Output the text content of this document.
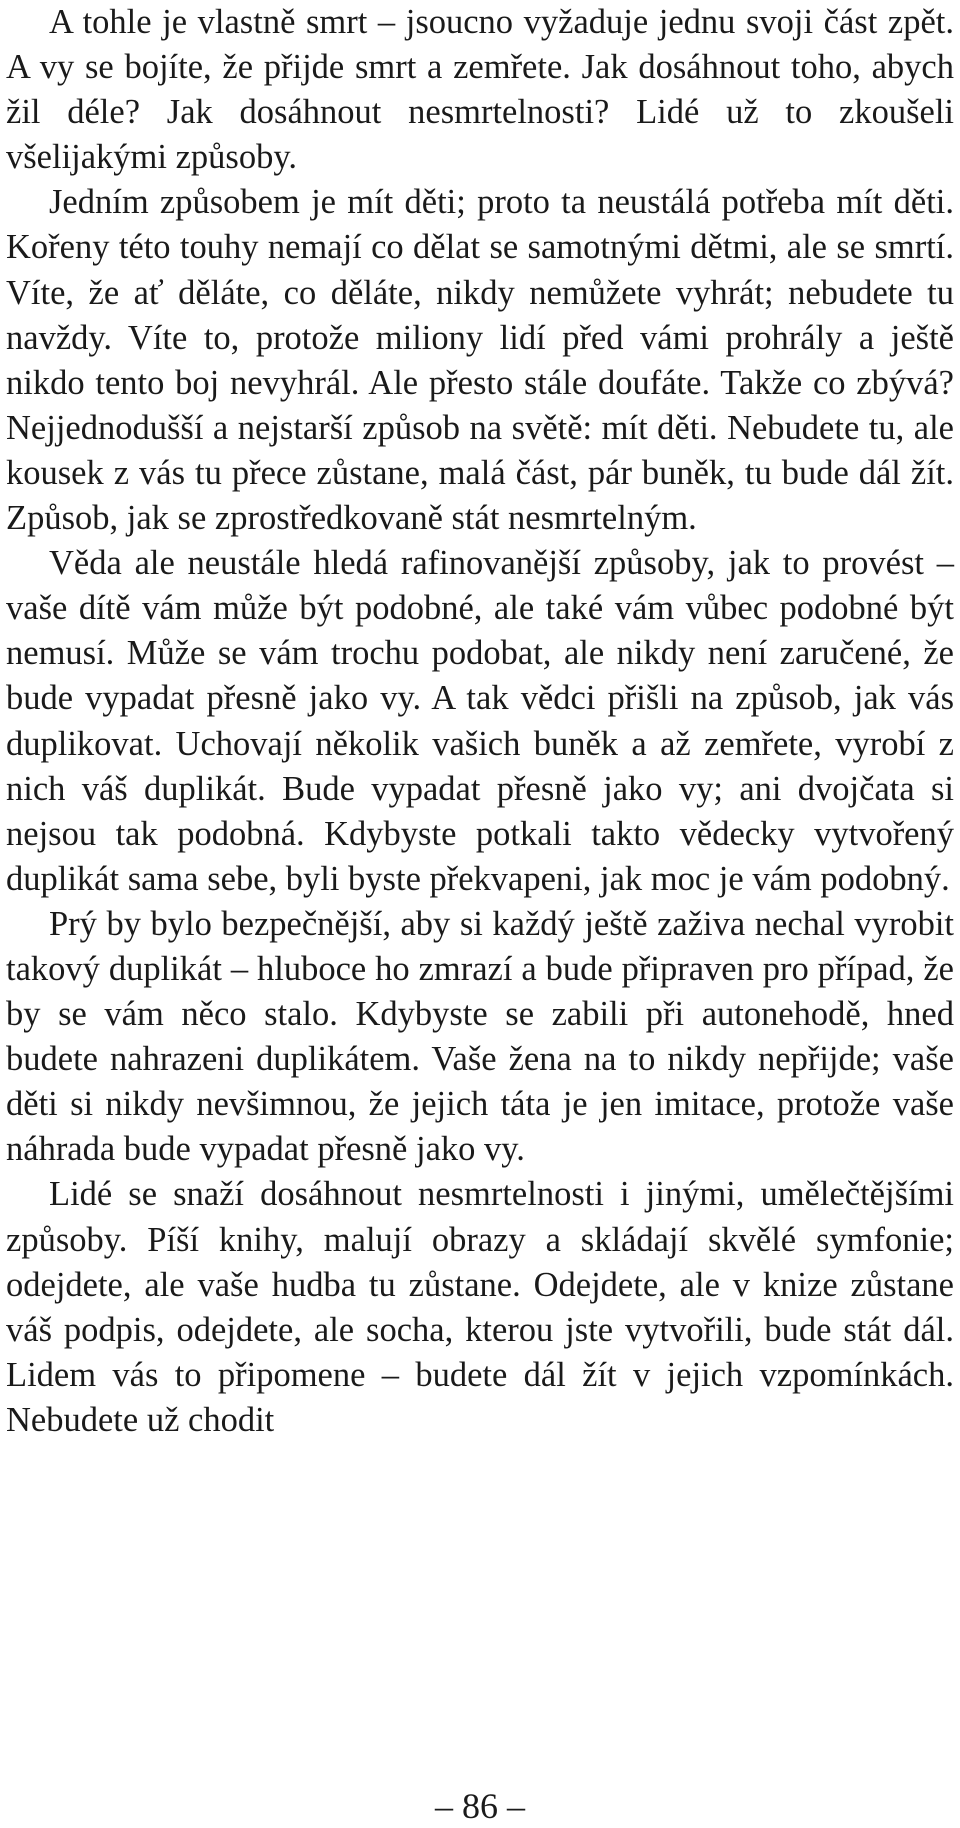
A tohle je vlastně smrt – jsoucno vyžaduje jednu svoji část zpět. A vy se bojíte, že přijde smrt a zemřete. Jak dosáhnout toho, abych žil déle? Jak dosáhnout nesmrtelnosti? Lidé už to zkoušeli všelijakými způsoby.

Jedním způsobem je mít děti; proto ta neustálá potřeba mít děti. Kořeny této touhy nemají co dělat se samotnými dětmi, ale se smrtí. Víte, že ať děláte, co děláte, nikdy nemůžete vyhrát; nebudete tu navždy. Víte to, protože miliony lidí před vámi prohrály a ještě nikdo tento boj nevyhrál. Ale přesto stále doufáte. Takže co zbývá? Nejjednodušší a nejstarší způsob na světě: mít děti. Nebudete tu, ale kousek z vás tu přece zůstane, malá část, pár buněk, tu bude dál žít. Způsob, jak se zprostředkovaně stát nesmrtelným.

Věda ale neustále hledá rafinovanější způsoby, jak to provést – vaše dítě vám může být podobné, ale také vám vůbec podobné být nemusí. Může se vám trochu podobat, ale nikdy není zaručené, že bude vypadat přesně jako vy. A tak vědci přišli na způsob, jak vás duplikovat. Uchovají několik vašich buněk a až zemřete, vyrobí z nich váš duplikát. Bude vypadat přesně jako vy; ani dvojčata si nejsou tak podobná. Kdybyste potkali takto vědecky vytvořený duplikát sama sebe, byli byste překvapeni, jak moc je vám podobný.

Prý by bylo bezpečnější, aby si každý ještě zaživa nechal vyrobit takový duplikát – hluboce ho zmrazí a bude připraven pro případ, že by se vám něco stalo. Kdybyste se zabili při autonehodě, hned budete nahrazeni duplikátem. Vaše žena na to nikdy nepřijde; vaše děti si nikdy nevšimnou, že jejich táta je jen imitace, protože vaše náhrada bude vypadat přesně jako vy.

Lidé se snaží dosáhnout nesmrtelnosti i jinými, umělečtějšími způsoby. Píší knihy, malují obrazy a skládají skvělé symfonie; odejdete, ale vaše hudba tu zůstane. Odejdete, ale v knize zůstane váš podpis, odejdete, ale socha, kterou jste vytvořili, bude stát dál. Lidem vás to připomene – budete dál žít v jejich vzpomínkách. Nebudete už chodit

– 86 –
